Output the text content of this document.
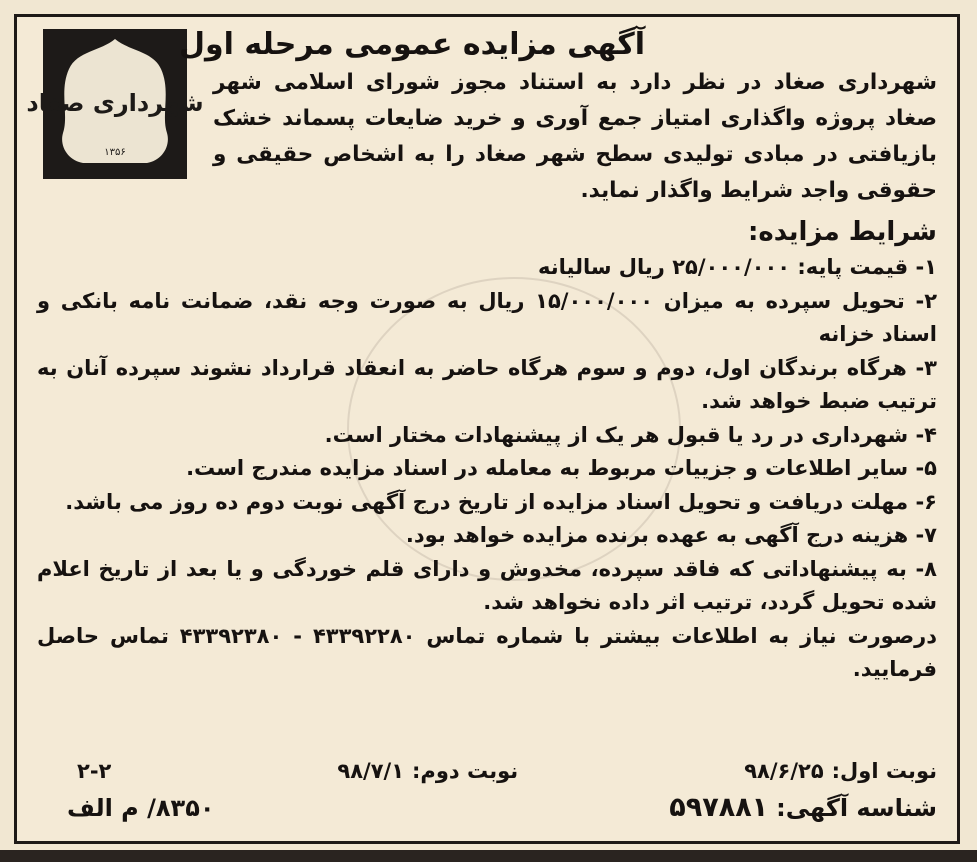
شهرداری صغاد
۱۳۵۶
آگهی مزایده عمومی مرحله اول

شهرداری صغاد در نظر دارد به استناد مجوز شورای اسلامی شهر صغاد پروژه واگذاری امتیاز جمع آوری و خرید ضایعات پسماند خشک بازیافتی در مبادی تولیدی سطح شهر صغاد را به اشخاص حقیقی و حقوقی واجد شرایط واگذار نماید.

شرایط مزایده:

۱- قیمت پایه: ۲۵/۰۰۰/۰۰۰ ریال سالیانه

۲- تحویل سپرده به میزان ۱۵/۰۰۰/۰۰۰ ریال به صورت وجه نقد، ضمانت نامه بانکی و اسناد خزانه

۳- هرگاه برندگان اول، دوم و سوم هرگاه حاضر به انعقاد قرارداد نشوند سپرده آنان به ترتیب ضبط خواهد شد.

۴- شهرداری در رد یا قبول هر یک از پیشنهادات مختار است.

۵- سایر اطلاعات و جزییات مربوط به معامله در اسناد مزایده مندرج است.

۶- مهلت دریافت و تحویل اسناد مزایده از تاریخ درج آگهی نوبت دوم ده روز می باشد.

۷- هزینه درج آگهی به عهده برنده مزایده خواهد بود.

۸- به پیشنهاداتی که فاقد سپرده، مخدوش و دارای قلم خوردگی و یا بعد از تاریخ اعلام شده تحویل گردد، ترتیب اثر داده نخواهد شد.

درصورت نیاز به اطلاعات بیشتر با شماره تماس ۴۳۳۹۲۲۸۰ - ۴۳۳۹۲۳۸۰ تماس حاصل فرمایید.

نوبت اول:
۹۸/۶/۲۵
نوبت دوم:
۹۸/۷/۱
۲-۲
شناسه آگهی:
۵۹۷۸۸۱
۸۳۵۰/ م الف
